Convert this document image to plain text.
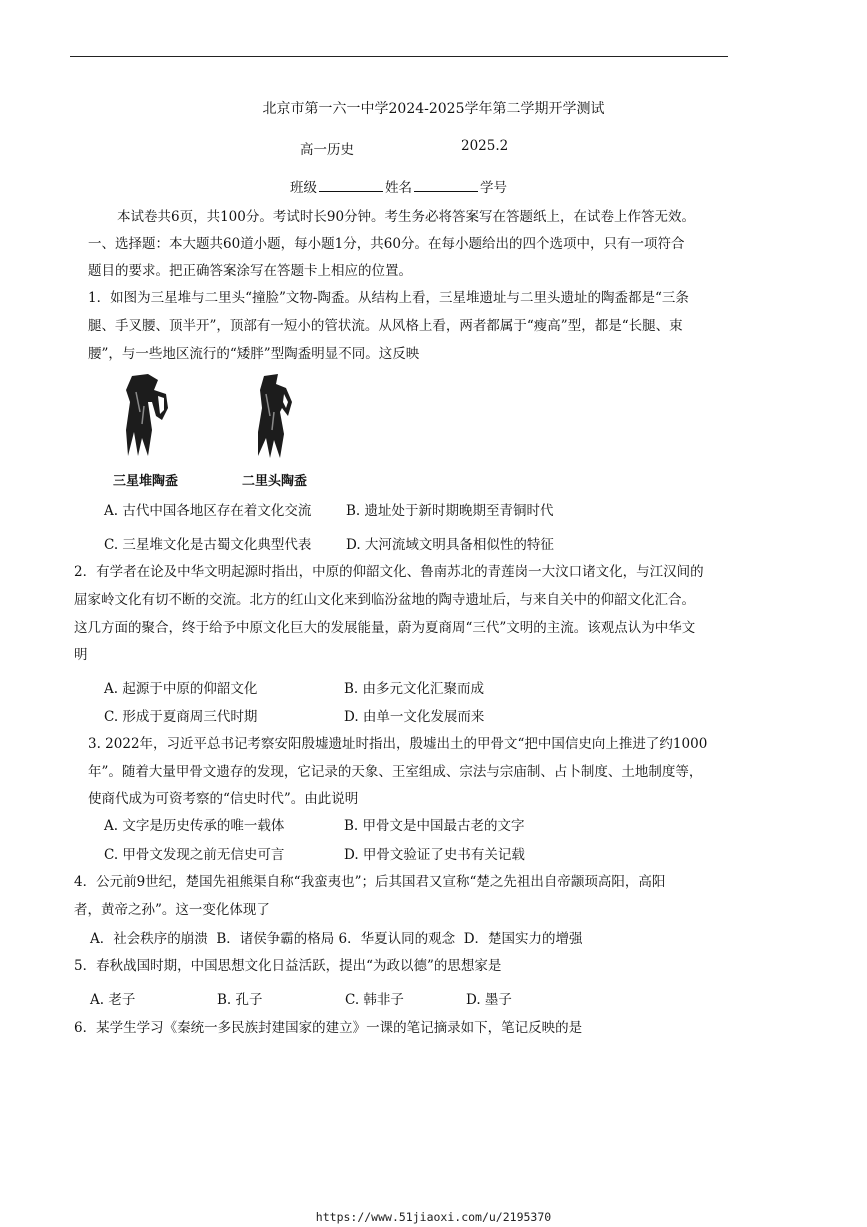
北京市第一六一中学2024-2025学年第二学期开学测试
高一历史	2025.2
班级	姓名	学号
本试卷共6页，共100分。考试时长90分钟。考生务必将答案写在答题纸上，在试卷上作答无效。
一、选择题：本大题共60道小题，每小题1分，共60分。在每小题给出的四个选项中，只有一项符合
题目的要求。把正确答案涂写在答题卡上相应的位置。
1．如图为三星堆与二里头“撞脸”文物-陶盉。从结构上看，三星堆遗址与二里头遗址的陶盉都是“三条
腿、手叉腰、顶半开”，顶部有一短小的管状流。从风格上看，两者都属于“瘦高”型，都是“长腿、束
腰”，与一些地区流行的“矮胖”型陶盉明显不同。这反映
三星堆陶盉	二里头陶盉
A. 古代中国各地区存在着文化交流	B. 遗址处于新时期晚期至青铜时代
C. 三星堆文化是古蜀文化典型代表	D. 大河流域文明具备相似性的特征
2．有学者在论及中华文明起源时指出，中原的仰韶文化、鲁南苏北的青莲岗一大汶口诸文化，与江汉间的
屈家岭文化有切不断的交流。北方的红山文化来到临汾盆地的陶寺遗址后，与来自关中的仰韶文化汇合。
这几方面的聚合，终于给予中原文化巨大的发展能量，蔚为夏商周“三代”文明的主流。该观点认为中华文
明
A. 起源于中原的仰韶文化	B. 由多元文化汇聚而成
C. 形成于夏商周三代时期	D. 由单一文化发展而来
3. 2022年，习近平总书记考察安阳殷墟遗址时指出，殷墟出土的甲骨文“把中国信史向上推进了约1000
年”。随着大量甲骨文遗存的发现，它记录的天象、王室组成、宗法与宗庙制、占卜制度、土地制度等，
使商代成为可资考察的“信史时代”。由此说明
A. 文字是历史传承的唯一载体	B. 甲骨文是中国最古老的文字
C. 甲骨文发现之前无信史可言	D. 甲骨文验证了史书有关记载
4．公元前9世纪，楚国先祖熊渠自称“我蛮夷也”；后其国君又宣称“楚之先祖出自帝颛顼高阳，高阳
者，黄帝之孙”。这一变化体现了
A．社会秩序的崩溃  B．诸侯争霸的格局 6．华夏认同的观念  D．楚国实力的增强
5．春秋战国时期，中国思想文化日益活跃，提出“为政以德”的思想家是
A. 老子	B. 孔子	C. 韩非子	D. 墨子
6．某学生学习《秦统一多民族封建国家的建立》一课的笔记摘录如下，笔记反映的是
https://www.51jiaoxi.com/u/2195370
